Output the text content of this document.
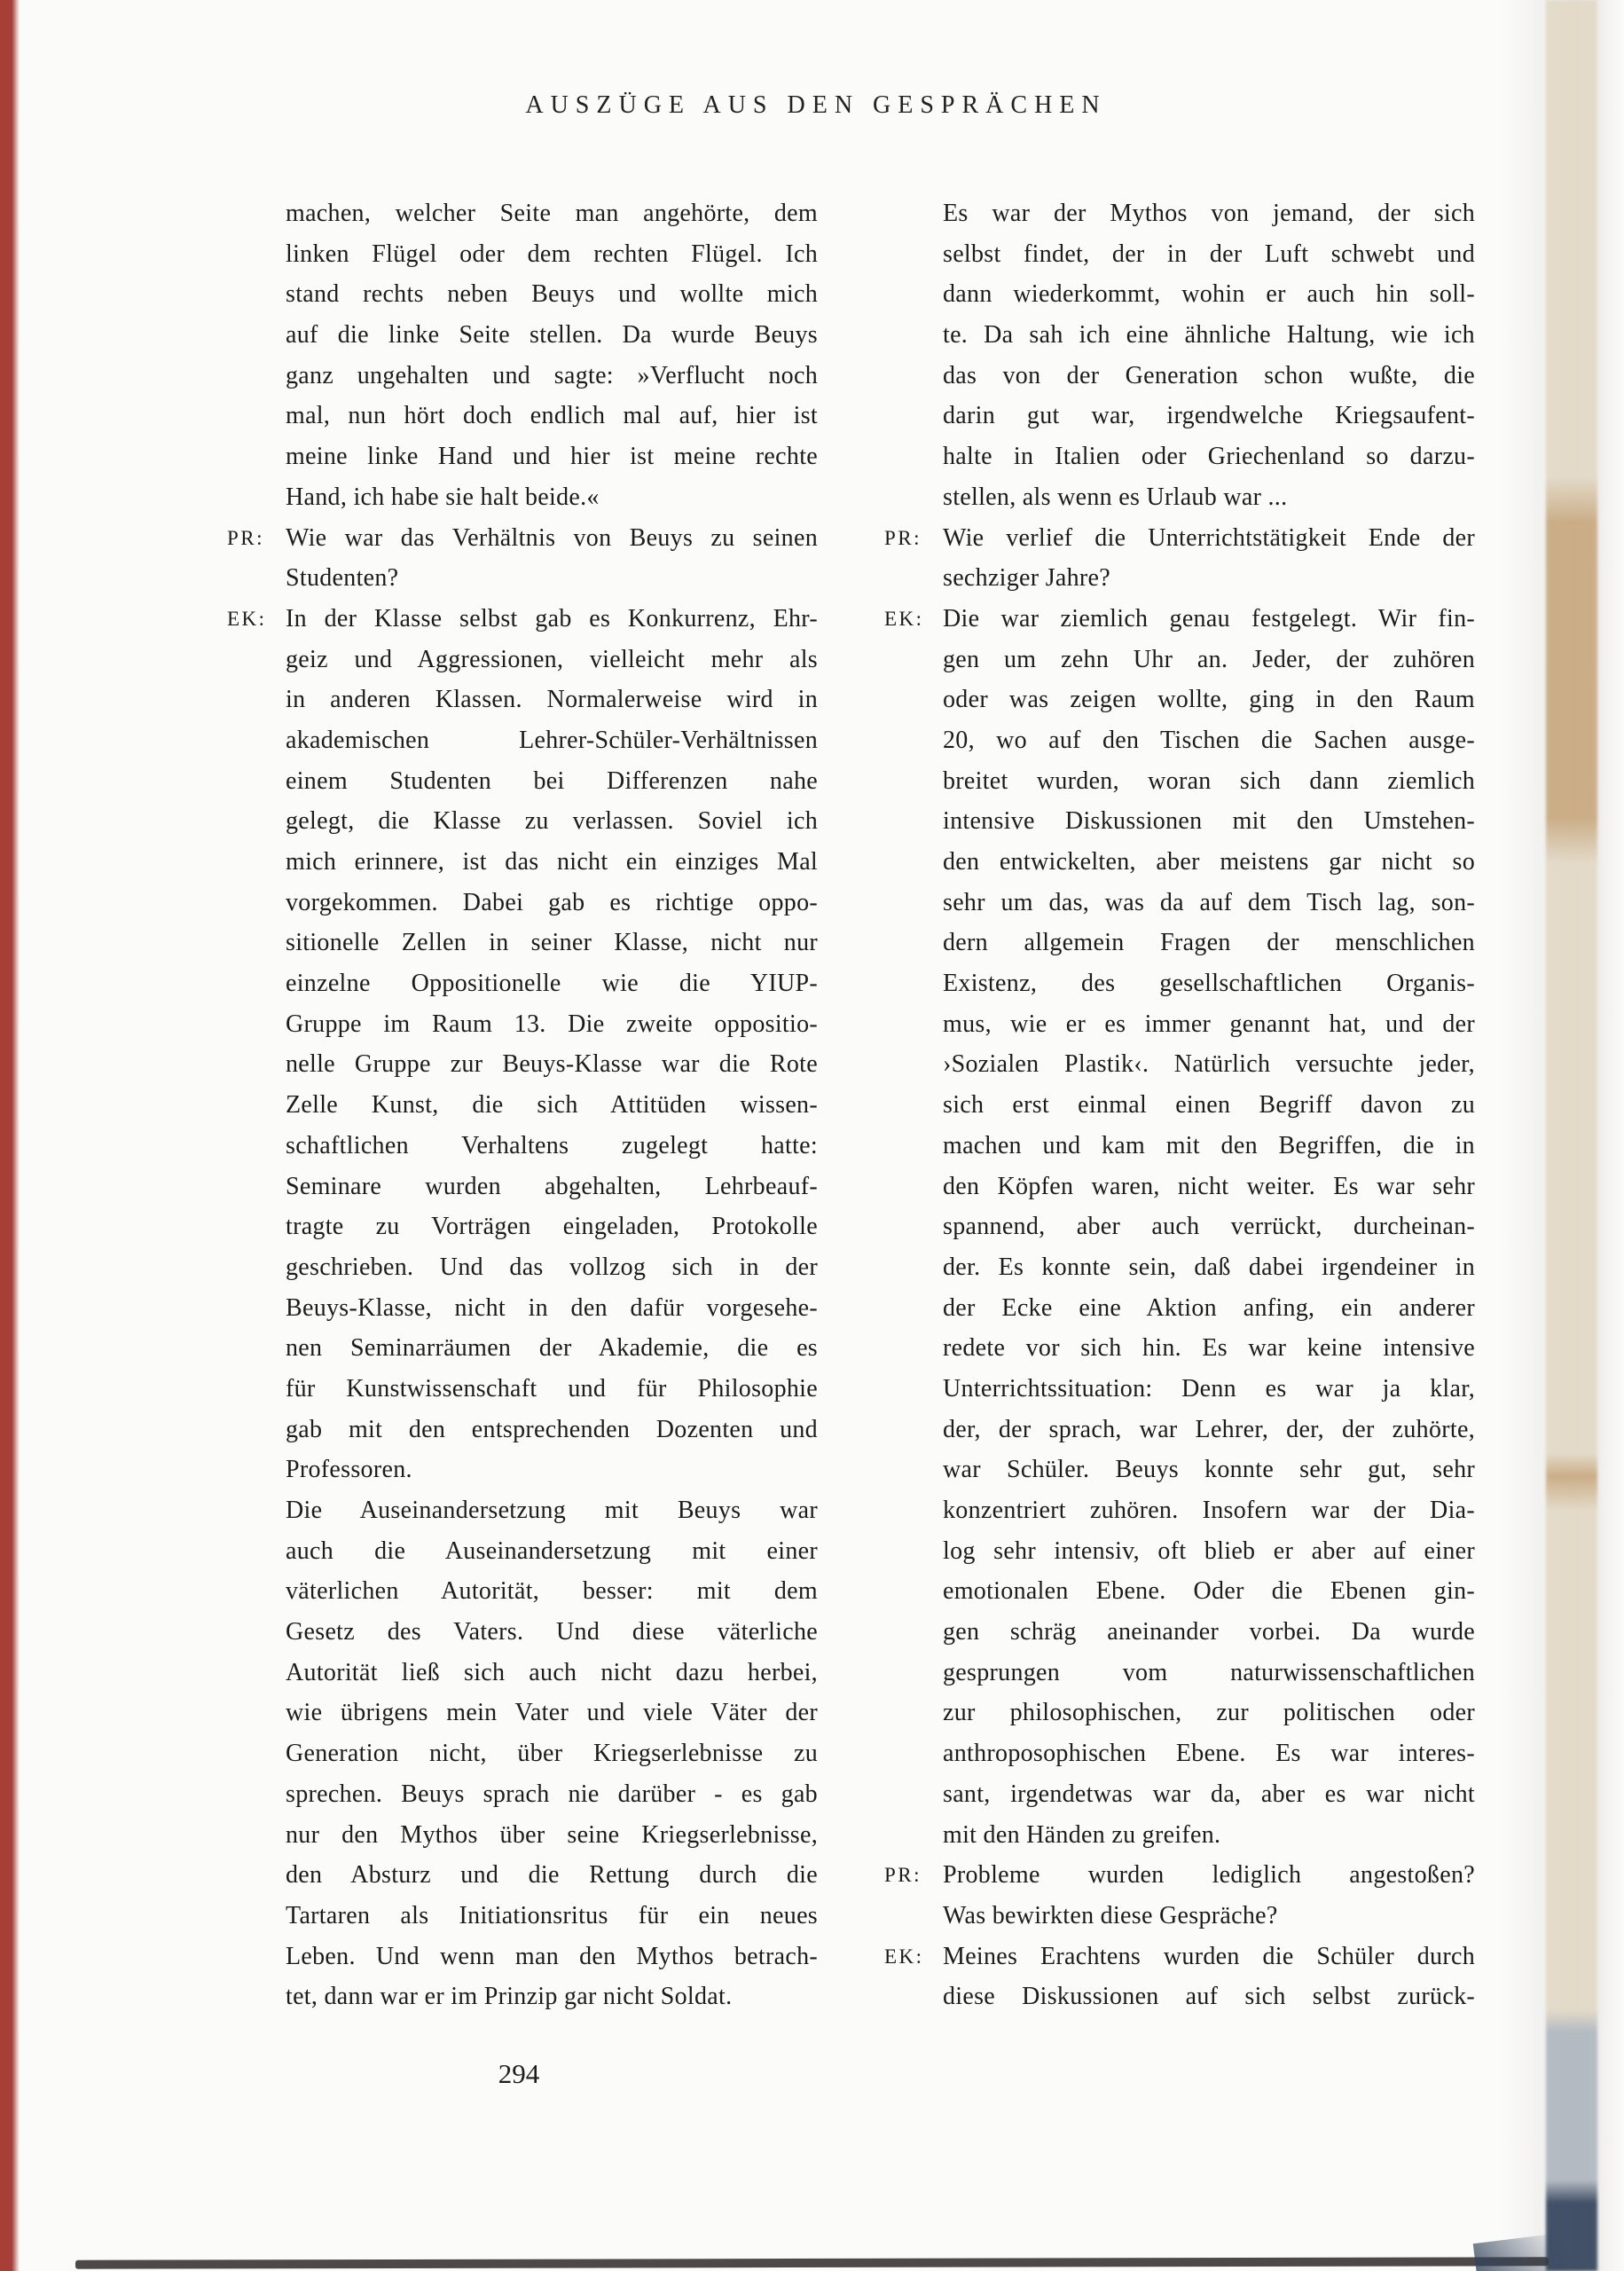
AUSZÜGE AUS DEN GESPRÄCHEN
machen, welcher Seite man angehörte, dem
linken Flügel oder dem rechten Flügel. Ich
stand rechts neben Beuys und wollte mich
auf die linke Seite stellen. Da wurde Beuys
ganz ungehalten und sagte: »Verflucht noch
mal, nun hört doch endlich mal auf, hier ist
meine linke Hand und hier ist meine rechte
Hand, ich habe sie halt beide.«
PR: Wie war das Verhältnis von Beuys zu seinen
Studenten?
EK: In der Klasse selbst gab es Konkurrenz, Ehr-
geiz und Aggressionen, vielleicht mehr als
in anderen Klassen. Normalerweise wird in
akademischen Lehrer-Schüler-Verhältnissen
einem Studenten bei Differenzen nahe
gelegt, die Klasse zu verlassen. Soviel ich
mich erinnere, ist das nicht ein einziges Mal
vorgekommen. Dabei gab es richtige oppo-
sitionelle Zellen in seiner Klasse, nicht nur
einzelne Oppositionelle wie die YIUP-
Gruppe im Raum 13. Die zweite oppositio-
nelle Gruppe zur Beuys-Klasse war die Rote
Zelle Kunst, die sich Attitüden wissen-
schaftlichen Verhaltens zugelegt hatte:
Seminare wurden abgehalten, Lehrbeauf-
tragte zu Vorträgen eingeladen, Protokolle
geschrieben. Und das vollzog sich in der
Beuys-Klasse, nicht in den dafür vorgesehe-
nen Seminarräumen der Akademie, die es
für Kunstwissenschaft und für Philosophie
gab mit den entsprechenden Dozenten und
Professoren.
Die Auseinandersetzung mit Beuys war
auch die Auseinandersetzung mit einer
väterlichen Autorität, besser: mit dem
Gesetz des Vaters. Und diese väterliche
Autorität ließ sich auch nicht dazu herbei,
wie übrigens mein Vater und viele Väter der
Generation nicht, über Kriegserlebnisse zu
sprechen. Beuys sprach nie darüber - es gab
nur den Mythos über seine Kriegserlebnisse,
den Absturz und die Rettung durch die
Tartaren als Initiationsritus für ein neues
Leben. Und wenn man den Mythos betrach-
tet, dann war er im Prinzip gar nicht Soldat.
Es war der Mythos von jemand, der sich
selbst findet, der in der Luft schwebt und
dann wiederkommt, wohin er auch hin soll-
te. Da sah ich eine ähnliche Haltung, wie ich
das von der Generation schon wußte, die
darin gut war, irgendwelche Kriegsaufent-
halte in Italien oder Griechenland so darzu-
stellen, als wenn es Urlaub war ...
PR: Wie verlief die Unterrichtstätigkeit Ende der
sechziger Jahre?
EK: Die war ziemlich genau festgelegt. Wir fin-
gen um zehn Uhr an. Jeder, der zuhören
oder was zeigen wollte, ging in den Raum
20, wo auf den Tischen die Sachen ausge-
breitet wurden, woran sich dann ziemlich
intensive Diskussionen mit den Umstehen-
den entwickelten, aber meistens gar nicht so
sehr um das, was da auf dem Tisch lag, son-
dern allgemein Fragen der menschlichen
Existenz, des gesellschaftlichen Organis-
mus, wie er es immer genannt hat, und der
›Sozialen Plastik‹. Natürlich versuchte jeder,
sich erst einmal einen Begriff davon zu
machen und kam mit den Begriffen, die in
den Köpfen waren, nicht weiter. Es war sehr
spannend, aber auch verrückt, durcheinan-
der. Es konnte sein, daß dabei irgendeiner in
der Ecke eine Aktion anfing, ein anderer
redete vor sich hin. Es war keine intensive
Unterrichtssituation: Denn es war ja klar,
der, der sprach, war Lehrer, der, der zuhörte,
war Schüler. Beuys konnte sehr gut, sehr
konzentriert zuhören. Insofern war der Dia-
log sehr intensiv, oft blieb er aber auf einer
emotionalen Ebene. Oder die Ebenen gin-
gen schräg aneinander vorbei. Da wurde
gesprungen vom naturwissenschaftlichen
zur philosophischen, zur politischen oder
anthroposophischen Ebene. Es war interes-
sant, irgendetwas war da, aber es war nicht
mit den Händen zu greifen.
PR: Probleme wurden lediglich angestoßen?
Was bewirkten diese Gespräche?
EK: Meines Erachtens wurden die Schüler durch
diese Diskussionen auf sich selbst zurück-
294
